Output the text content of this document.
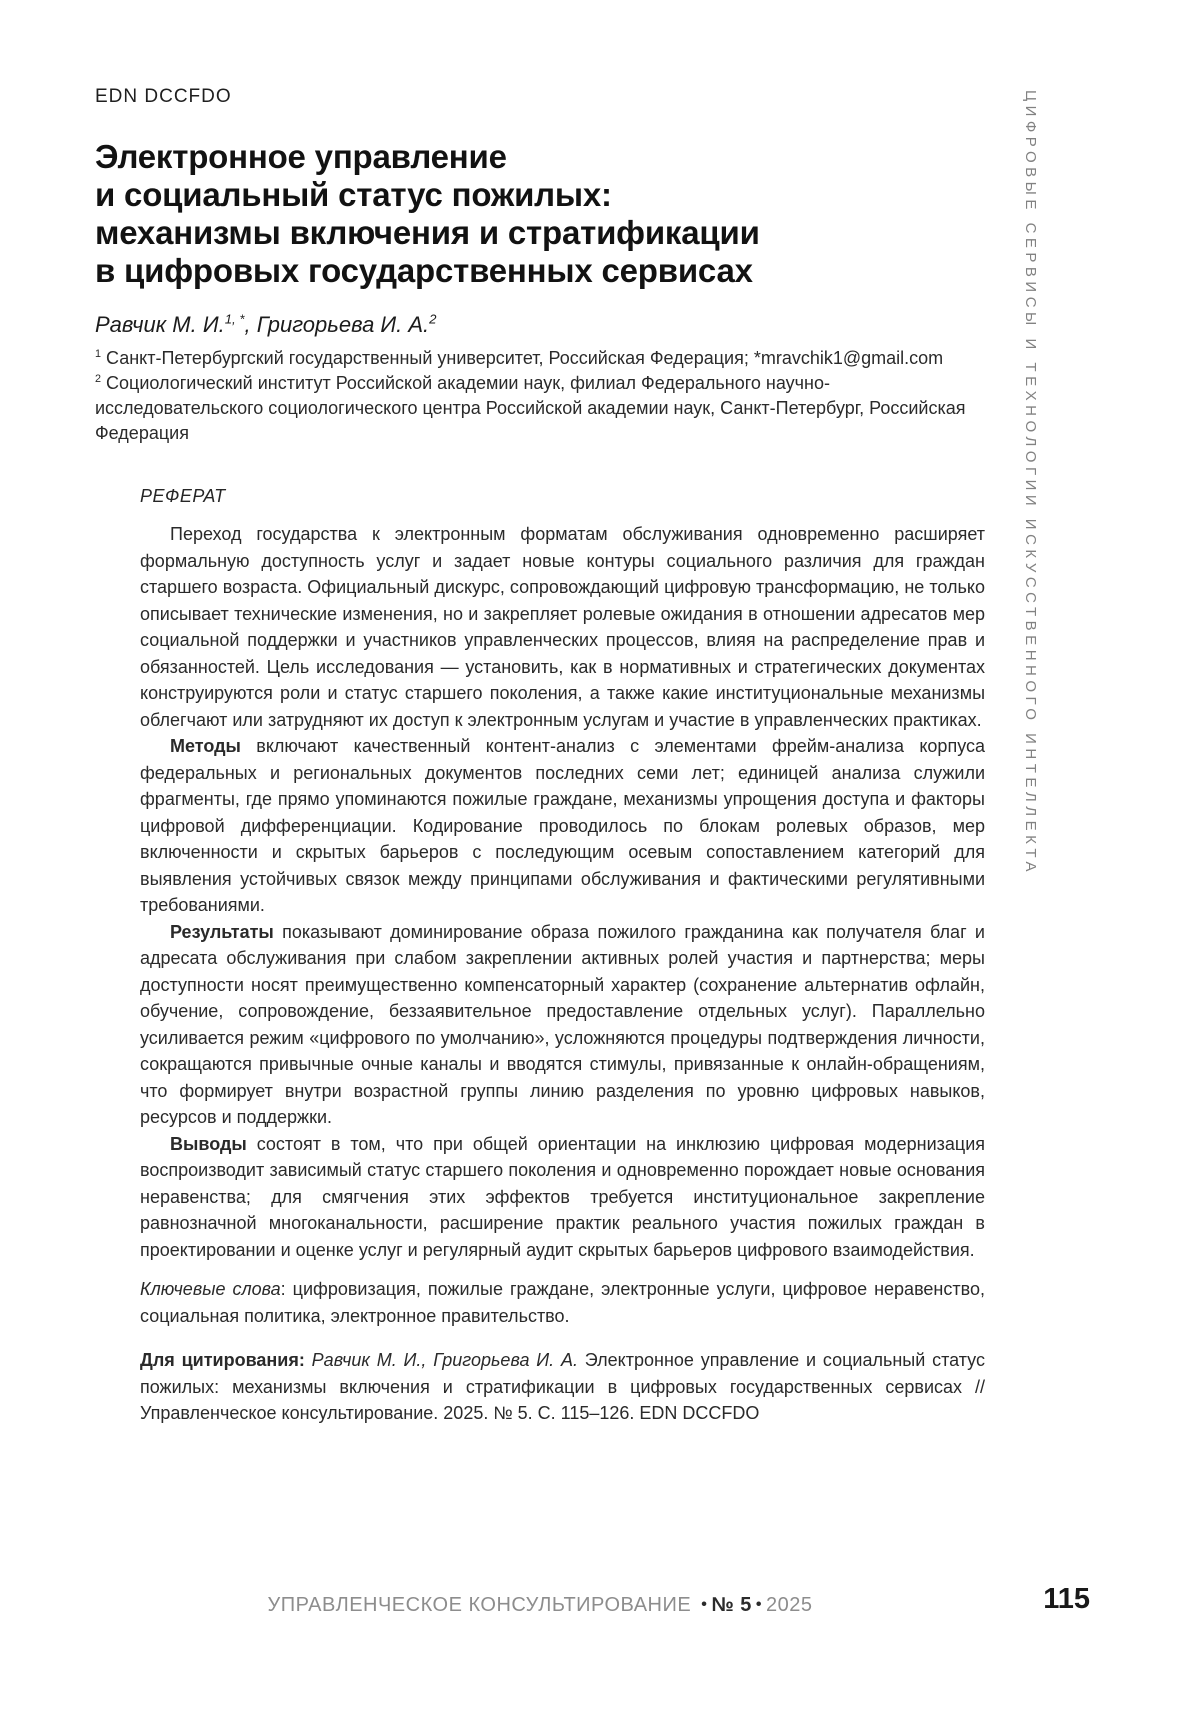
EDN DCCFDO
Электронное управление
и социальный статус пожилых:
механизмы включения и стратификации
в цифровых государственных сервисах
Равчик М. И.$^{1, *}$, Григорьева И. А.$^2$
$^1$ Санкт-Петербургский государственный университет, Российская Федерация; *mravchik1@gmail.com
$^2$ Социологический институт Российской академии наук, филиал Федерального научно-исследовательского социологического центра Российской академии наук, Санкт-Петербург, Российская Федерация
РЕФЕРАТ

Переход государства к электронным форматам обслуживания одновременно расширяет формальную доступность услуг и задает новые контуры социального различия для граждан старшего возраста. Официальный дискурс, сопровождающий цифровую трансформацию, не только описывает технические изменения, но и закрепляет ролевые ожидания в отношении адресатов мер социальной поддержки и участников управленческих процессов, влияя на распределение прав и обязанностей. Цель исследования — установить, как в нормативных и стратегических документах конструируются роли и статус старшего поколения, а также какие институциональные механизмы облегчают или затрудняют их доступ к электронным услугам и участие в управленческих практиках.

Методы включают качественный контент-анализ с элементами фрейм-анализа корпуса федеральных и региональных документов последних семи лет; единицей анализа служили фрагменты, где прямо упоминаются пожилые граждане, механизмы упрощения доступа и факторы цифровой дифференциации. Кодирование проводилось по блокам ролевых образов, мер включенности и скрытых барьеров с последующим осевым сопоставлением категорий для выявления устойчивых связок между принципами обслуживания и фактическими регулятивными требованиями.

Результаты показывают доминирование образа пожилого гражданина как получателя благ и адресата обслуживания при слабом закреплении активных ролей участия и партнерства; меры доступности носят преимущественно компенсаторный характер (сохранение альтернатив офлайн, обучение, сопровождение, беззаявительное предоставление отдельных услуг). Параллельно усиливается режим «цифрового по умолчанию», усложняются процедуры подтверждения личности, сокращаются привычные очные каналы и вводятся стимулы, привязанные к онлайн-обращениям, что формирует внутри возрастной группы линию разделения по уровню цифровых навыков, ресурсов и поддержки.

Выводы состоят в том, что при общей ориентации на инклюзию цифровая модернизация воспроизводит зависимый статус старшего поколения и одновременно порождает новые основания неравенства; для смягчения этих эффектов требуется институциональное закрепление равнозначной многоканальности, расширение практик реального участия пожилых граждан в проектировании и оценке услуг и регулярный аудит скрытых барьеров цифрового взаимодействия.

Ключевые слова: цифровизация, пожилые граждане, электронные услуги, цифровое неравенство, социальная политика, электронное правительство.

Для цитирования: Равчик М. И., Григорьева И. А. Электронное управление и социальный статус пожилых: механизмы включения и стратификации в цифровых государственных сервисах // Управленческое консультирование. 2025. № 5. С. 115–126. EDN DCCFDO

ЦИФРОВЫЕ СЕРВИСЫ И ТЕХНОЛОГИИ ИСКУССТВЕННОГО ИНТЕЛЛЕКТА
УПРАВЛЕНЧЕСКОЕ КОНСУЛЬТИРОВАНИЕ • № 5 • 2025	115
